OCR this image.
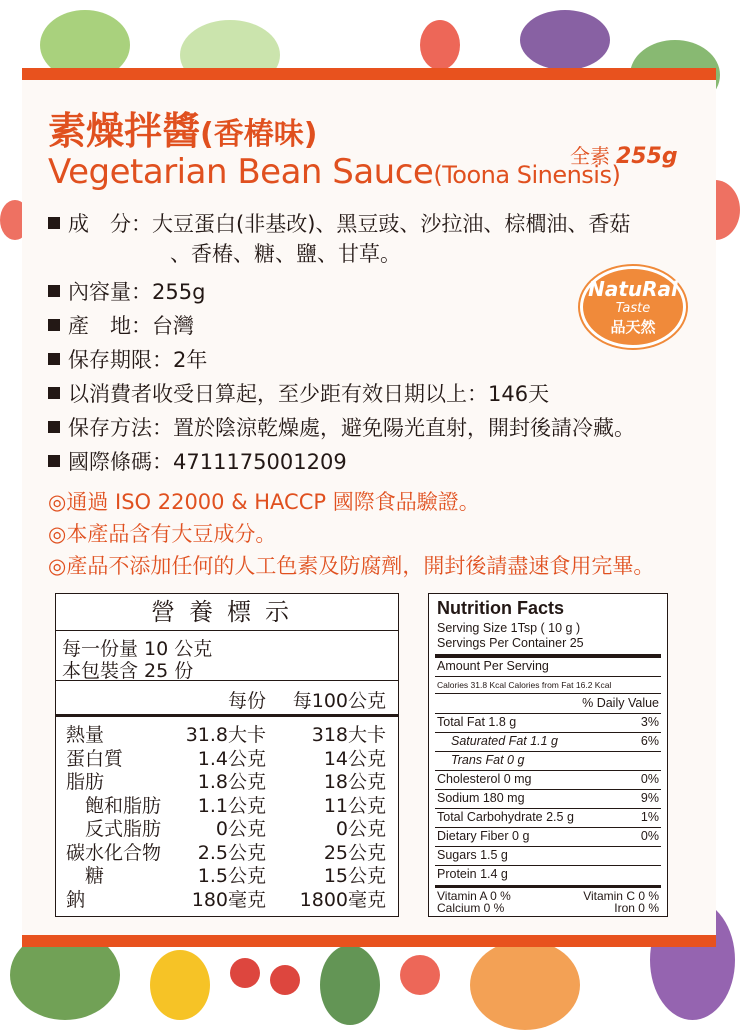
素燥拌醬(香椿味)
Vegetarian Bean Sauce(Toona Sinensis)
全素 255g
成　分：大豆蛋白(非基改)、黑豆豉、沙拉油、棕櫚油、香菇
、香椿、糖、鹽、甘草。
內容量：255g
產　地：台灣
保存期限：2年
以消費者收受日算起，至少距有效日期以上：146天
保存方法：置於陰涼乾燥處，避免陽光直射，開封後請冷藏。
國際條碼：4711175001209
NatuRal
Taste
品天然
◎通過 ISO 22000 & HACCP 國際食品驗證。
◎本產品含有大豆成分。
◎產品不添加任何的人工色素及防腐劑，開封後請盡速食用完畢。
營養標示
每一份量 10 公克
本包裝含 25 份
每份 每100公克
熱量	31.8大卡 318大卡
蛋白質	1.4公克	14公克
脂肪	1.8公克	18公克
　飽和脂肪 1.1公克	11公克
　反式脂肪	0公克	0公克
碳水化合物 2.5公克	25公克
　糖	1.5公克	15公克
鈉	180毫克 1800毫克
Nutrition Facts
Serving Size 1Tsp ( 10 g )
Servings Per Container 25
Amount Per Serving
Calories 31.8 Kcal Calories from Fat 16.2 Kcal
% Daily Value
Total Fat 1.8 g	3%
Saturated Fat 1.1 g	6%
Trans Fat 0 g
Cholesterol 0 mg	0%
Sodium 180 mg	9%
Total Carbohydrate 2.5 g	1%
Dietary Fiber 0 g	0%
Sugars 1.5 g
Protein 1.4 g
Vitamin A 0 %	Vitamin C 0 %
Calcium 0 %	Iron 0 %
